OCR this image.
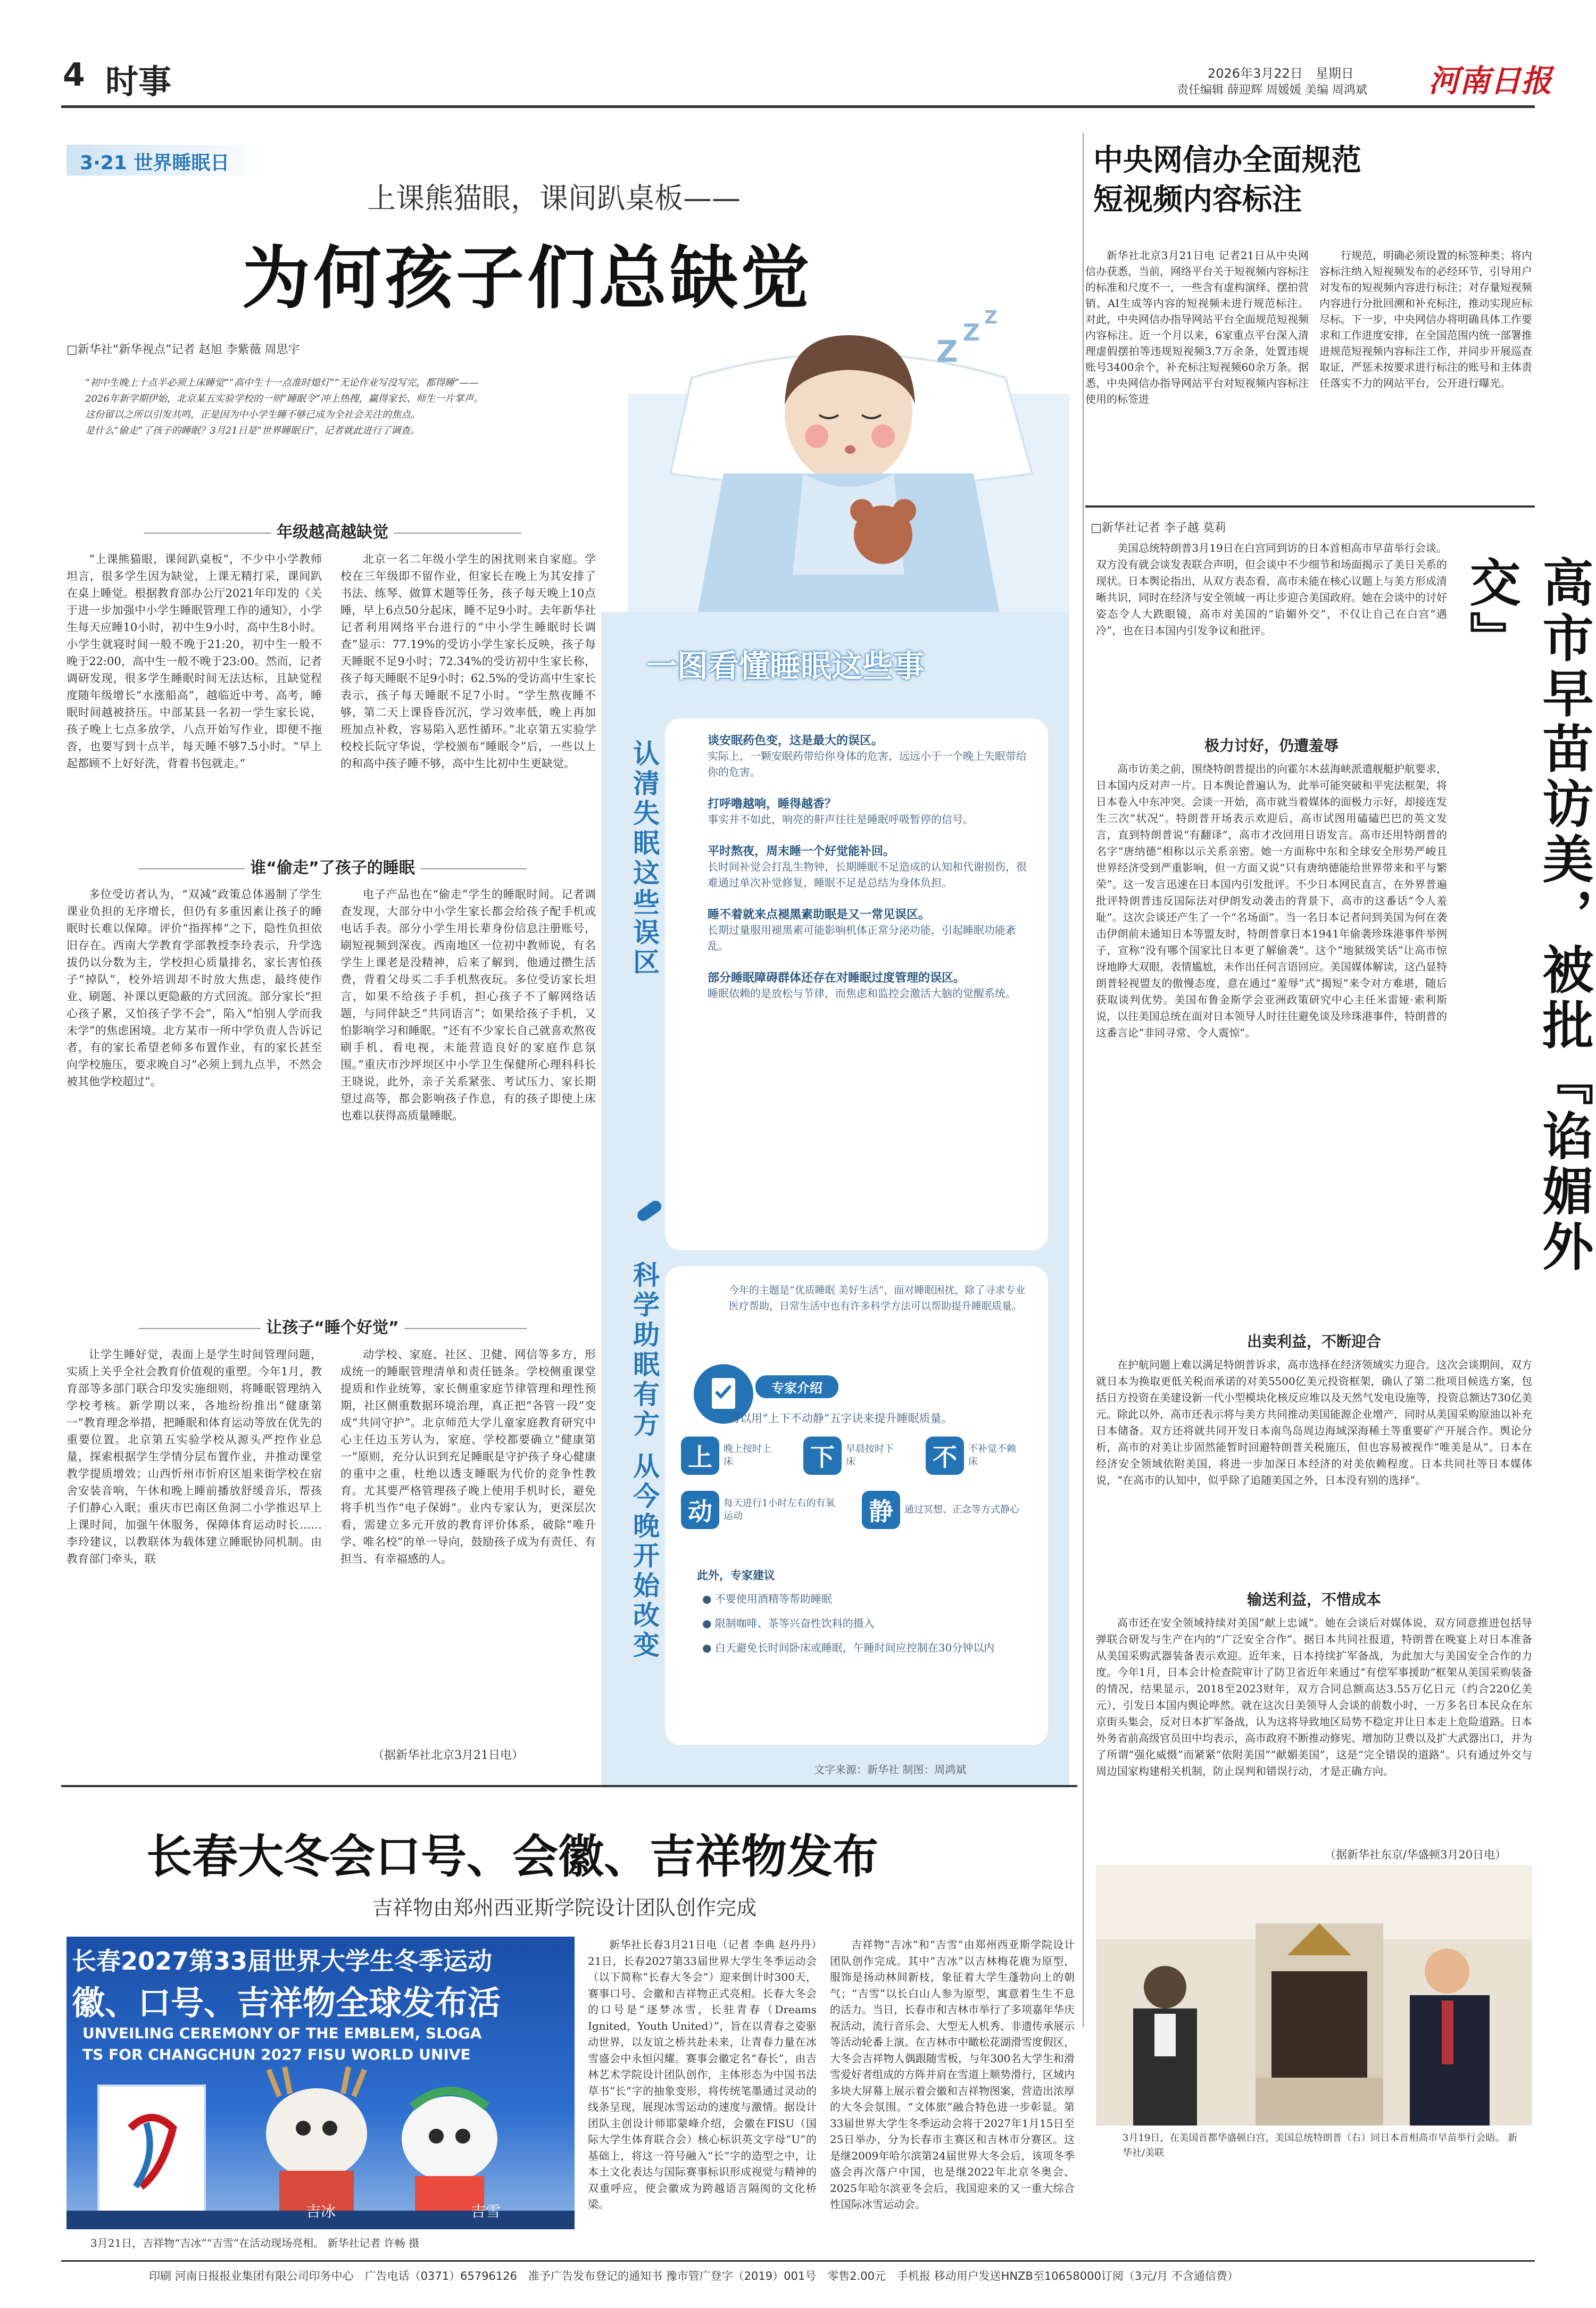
4 时事	2026年3月22日　 星期日
责任编辑 薛迎辉 周媛媛 美编 周鸿斌 河南日报
3·21 世界睡眠日
上课熊猫眼，课间趴桌板——
为何孩子们总缺觉
□新华社“新华视点”记者 赵旭 李紫薇 周思宇
“初中生晚上十点半必须上床睡觉”“高中生十一点准时熄灯”“无论作业写没写完，都得睡”——
2026年新学期伊始，北京某五实验学校的一则“睡眠令”冲上热搜，赢得家长、师生一片掌声。
这份留以之所以引发共鸣，正是因为中小学生睡不够已成为全社会关注的焦点。
是什么“偷走”了孩子的睡眠？3月21日是“世界睡眠日”，记者就此进行了调查。
Z
Z
Z
年级越高越缺觉

“上课熊猫眼，课间趴桌板”，不少中小学教师坦言，很多学生因为缺觉，上课无精打采，课间趴在桌上睡觉。根据教育部办公厅2021年印发的《关于进一步加强中小学生睡眠管理工作的通知》，小学生每天应睡10小时，初中生9小时，高中生8小时。小学生就寝时间一般不晚于21:20，初中生一般不晚于22:00，高中生一般不晚于23:00。然而，记者调研发现，很多学生睡眠时间无法达标，且缺觉程度随年级增长“水涨船高”，越临近中考、高考，睡眠时间越被挤压。中部某县一名初一学生家长说，孩子晚上七点多放学，八点开始写作业，即便不拖沓，也要写到十点半，每天睡不够7.5小时。“早上起都顾不上好好洗，背着书包就走。”

北京一名二年级小学生的困扰则来自家庭。学校在三年级即不留作业，但家长在晚上为其安排了书法、练琴、做算术题等任务，孩子每天晚上10点睡，早上6点50分起床，睡不足9小时。去年新华社记者利用网络平台进行的“中小学生睡眠时长调查”显示：77.19%的受访小学生家长反映，孩子每天睡眠不足9小时；72.34%的受访初中生家长称，孩子每天睡眠不足9小时；62.5%的受访高中生家长表示，孩子每天睡眠不足7小时。“学生熬夜睡不够，第二天上课昏昏沉沉，学习效率低，晚上再加班加点补救，容易陷入恶性循环。”北京第五实验学校校长阮守华说，学校颁布“睡眠令”后，一些以上的和高中孩子睡不够，高中生比初中生更缺觉。

谁“偷走”了孩子的睡眠

多位受访者认为，“双减”政策总体遏制了学生课业负担的无序增长，但仍有多重因素让孩子的睡眠时长难以保障。评价“指挥棒”之下，隐性负担依旧存在。西南大学教育学部教授李玲表示，升学选拔仍以分数为主，学校担心质量排名，家长害怕孩子“掉队”，校外培训却不时放大焦虑，最终使作业、刷题、补课以更隐蔽的方式回流。部分家长“担心孩子累，又怕孩子学不会”，陷入“怕别人学而我未学”的焦虑困境。北方某市一所中学负责人告诉记者，有的家长希望老师多布置作业，有的家长甚至向学校施压，要求晚自习“必须上到九点半，不然会被其他学校超过”。

电子产品也在“偷走”学生的睡眠时间。记者调查发现，大部分中小学生家长都会给孩子配手机或电话手表。部分小学生用长辈身份信息注册账号，刷短视频到深夜。西南地区一位初中教师说，有名学生上课老是没精神，后来了解到，他通过攒生活费，背着父母买二手手机熬夜玩。多位受访家长坦言，如果不给孩子手机，担心孩子不了解网络话题，与同伴缺乏“共同语言”；如果给孩子手机，又怕影响学习和睡眠。“还有不少家长自己就喜欢熬夜刷手机、看电视，未能营造良好的家庭作息氛围。”重庆市沙坪坝区中小学卫生保健所心理科科长王晓说，此外，亲子关系紧张、考试压力、家长期望过高等，都会影响孩子作息，有的孩子即使上床也难以获得高质量睡眠。

让孩子“睡个好觉”

让学生睡好觉，表面上是学生时间管理问题，实质上关乎全社会教育价值观的重塑。今年1月，教育部等多部门联合印发实施细则，将睡眠管理纳入学校考核。新学期以来，各地纷纷推出“健康第一”教育理念举措，把睡眠和体育运动等放在优先的重要位置。北京第五实验学校从源头严控作业总量，探索根据学生学情分层布置作业，并推动课堂教学提质增效；山西忻州市忻府区旭来街学校在宿舍安装音响，午休和晚上睡前播放舒缓音乐，帮孩子们静心入眠；重庆市巴南区鱼洞二小学推迟早上上课时间，加强午休服务，保障体育运动时长……李玲建议，以教联体为载体建立睡眠协同机制。由教育部门牵头，联

动学校、家庭、社区、卫健、网信等多方，形成统一的睡眠管理清单和责任链条。学校侧重课堂提质和作业统筹，家长侧重家庭节律管理和理性预期，社区侧重数据环境治理，真正把“各管一段”变成“共同守护”。北京师范大学儿童家庭教育研究中心主任边玉芳认为，家庭、学校都要确立“健康第一”原则，充分认识到充足睡眠是守护孩子身心健康的重中之重，杜绝以透支睡眠为代价的竞争性教育。尤其要严格管理孩子晚上使用手机时长，避免将手机当作“电子保姆”。业内专家认为，更深层次看，需建立多元开放的教育评价体系，破除“唯升学、唯名校”的单一导向，鼓励孩子成为有责任、有担当、有幸福感的人。

（据新华社北京3月21日电）
一图看懂睡眠这些事
认清失眠这些误区	谈安眠药色变，这是最大的误区。
实际上，一颗安眠药带给你身体的危害，远远小于一个晚上失眠带给你的危害。
打呼噜越响，睡得越香？
事实并不如此，响亮的鼾声往往是睡眠呼吸暂停的信号。
平时熬夜，周末睡一个好觉能补回。
长时间补觉会打乱生物钟，长期睡眠不足造成的认知和代谢损伤，很难通过单次补觉修复，睡眠不足是总结为身体负担。
睡不着就来点褪黑素助眠是又一常见误区。
长期过量服用褪黑素可能影响机体正常分泌功能，引起睡眠功能紊乱。
部分睡眠障碍群体还存在对睡眠过度管理的误区。
睡眠依赖的是放松与节律，而焦虑和监控会激活大脑的觉醒系统。
科学助眠有方 从今晚开始改变	今年的主题是“优质睡眠 美好生活”，面对睡眠困扰，除了寻求专业医疗帮助，日常生活中也有许多科学方法可以帮助提升睡眠质量。
专家介绍
可以用“上下不动静”五字诀来提升睡眠质量。
上	晚上按时上床	下	早晨按时下床	不	不补觉不赖床
动	每天进行1小时左右的有氧运动	静	通过冥想、正念等方式静心
此外，专家建议
● 不要使用酒精等帮助睡眠
● 限制咖啡、茶等兴奋性饮料的摄入
● 白天避免长时间卧床或睡眠，午睡时间应控制在30分钟以内
文字来源：新华社 制图：周鸿斌
中央网信办全面规范
短视频内容标注

新华社北京3月21日电 记者21日从中央网信办获悉，当前，网络平台关于短视频内容标注的标准和尺度不一，一些含有虚构演绎、摆拍营销、AI生成等内容的短视频未进行规范标注。对此，中央网信办指导网站平台全面规范短视频内容标注。近一个月以来，6家重点平台深入清理虚假摆拍等违规短视频3.7万余条，处置违规账号3400余个，补充标注短视频60余万条。据悉，中央网信办指导网站平台对短视频内容标注使用的标签进

行规范，明确必须设置的标签种类；将内容标注纳入短视频发布的必经环节，引导用户对发布的短视频内容进行标注；对存量短视频内容进行分批回溯和补充标注，推动实现应标尽标。下一步，中央网信办将明确具体工作要求和工作进度安排，在全国范围内统一部署推进规范短视频内容标注工作，并同步开展巡查取证，严惩未按要求进行标注的账号和主体责任落实不力的网站平台，公开进行曝光。

□新华社记者 李子越 莫莉
高市早苗访美，被批『谄媚外交』

美国总统特朗普3月19日在白宫同到访的日本首相高市早苗举行会谈。双方没有就会谈发表联合声明，但会谈中不少细节和场面揭示了美日关系的现状。日本舆论指出，从双方表态看，高市未能在核心议题上与美方形成清晰共识，同时在经济与安全领域一再让步迎合美国政府。她在会谈中的讨好姿态令人大跌眼镜，高市对美国的“谄媚外交”，不仅让自己在白宫“遇冷”，也在日本国内引发争议和批评。

极力讨好，仍遭羞辱

高市访美之前，围绕特朗普提出的向霍尔木兹海峡派遣舰艇护航要求，日本国内反对声一片。日本舆论普遍认为，此举可能突破和平宪法框架，将日本卷入中东冲突。会谈一开始，高市就当着媒体的面极力示好，却接连发生三次“状况”。特朗普开场表示欢迎后，高市试图用磕磕巴巴的英文发言，直到特朗普说“有翻译”，高市才改回用日语发言。高市还用特朗普的名字“唐纳德”相称以示关系亲密。她一方面称中东和全球安全形势严峻且世界经济受到严重影响，但一方面又说“只有唐纳德能给世界带来和平与繁荣”。这一发言迅速在日本国内引发批评。不少日本网民直言，在外界普遍批评特朗普违反国际法对伊朗发动袭击的背景下，高市的这番话“令人羞耻”。这次会谈还产生了一个“名场面”。当一名日本记者问到美国为何在袭击伊朗前未通知日本等盟友时，特朗普拿日本1941年偷袭珍珠港事件举例子，宣称“没有哪个国家比日本更了解偷袭”。这个“地狱级笑话”让高市惊讶地睁大双眼，表情尴尬，未作出任何言语回应。美国媒体解读，这凸显特朗普轻视盟友的傲慢态度，意在通过“羞辱”式“揭短”来令对方难堪，随后获取谈判优势。美国布鲁金斯学会亚洲政策研究中心主任米雷娅·索利斯说，以往美国总统在面对日本领导人时往往避免谈及珍珠港事件，特朗普的这番言论“非同寻常、令人震惊”。

出卖利益，不断迎合

在护航问题上难以满足特朗普诉求，高市选择在经济领域实力迎合。这次会谈期间，双方就日本为换取更低关税而承诺的对美5500亿美元投资框架，确认了第二批项目候选方案，包括日方投资在美建设新一代小型模块化核反应堆以及天然气发电设施等，投资总额达730亿美元。除此以外，高市还表示将与美方共同推动美国能源企业增产，同时从美国采购原油以补充日本储备。双方还将就共同开发日本南鸟岛周边海域深海稀土等重要矿产开展合作。舆论分析，高市的对美让步固然能暂时回避特朗普关税施压，但也容易被视作“唯美是从”。日本在经济安全领域依附美国，将进一步加深日本经济的对美依赖程度。日本共同社等日本媒体说，“在高市的认知中，似乎除了追随美国之外，日本没有别的选择”。

输送利益，不惜成本

高市还在安全领域持续对美国“献上忠诚”。她在会谈后对媒体说，双方同意推进包括导弹联合研发与生产在内的“广泛安全合作”。据日本共同社报道，特朗普在晚宴上对日本准备从美国采购武器装备表示欢迎。近年来，日本持续扩军备战，为此加大与美国安全合作的力度。今年1月，日本会计检查院审计了防卫省近年来通过“有偿军事援助”框架从美国采购装备的情况，结果显示，2018至2023财年，双方合同总额高达3.55万亿日元（约合220亿美元），引发日本国内舆论哗然。就在这次日美领导人会谈的前数小时，一万多名日本民众在东京街头集会，反对日本扩军备战，认为这将导致地区局势不稳定并让日本走上危险道路。日本外务省前高级官员田中均表示，高市政府不断推动修宪、增加防卫费以及扩大武器出口，并为了所谓“强化威慑”而紧紧“依附美国”“献媚美国”，这是“完全错误的道路”。只有通过外交与周边国家构建相关机制，防止误判和错误行动，才是正确方向。

（据新华社东京/华盛顿3月20日电）
3月19日，在美国首都华盛顿白宫，美国总统特朗普（右）同日本首相高市早苗举行会晤。 新华社/美联
长春大冬会口号、会徽、吉祥物发布
吉祥物由郑州西亚斯学院设计团队创作完成
长春2027第33届世界大学生冬季运动
徽、口号、吉祥物全球发布活
UNVEILING CEREMONY OF THE EMBLEM, SLOGA
TS FOR CHANGCHUN 2027 FISU WORLD UNIVE
吉冰	吉雪
3月21日，吉祥物“吉冰”“吉雪”在活动现场亮相。 新华社记者 许畅 摄

新华社长春3月21日电（记者 李典 赵丹丹）21日，长春2027第33届世界大学生冬季运动会（以下简称“长春大冬会”）迎来倒计时300天，赛事口号、会徽和吉祥物正式亮相。长春大冬会的口号是“逐梦冰雪，长驻青春（Dreams Ignited，Youth United）”，旨在以青春之姿驱动世界，以友谊之桥共赴未来，让青春力量在冰雪盛会中永恒闪耀。赛事会徽定名“春长”，由吉林艺术学院设计团队创作，主体形态为中国书法草书“长”字的抽象变形，将传统笔墨通过灵动的线条呈现，展现冰雪运动的速度与激情。据设计团队主创设计师耶蒙峰介绍，会徽在FISU（国际大学生体育联合会）核心标识英文字母“U”的基础上，将这一符号融入“长”字的造型之中，让本土文化表达与国际赛事标识形成视觉与精神的双重呼应，使会徽成为跨越语言隔阂的文化桥梁。

吉祥物“吉冰”和“吉雪”由郑州西亚斯学院设计团队创作完成。其中“吉冰”以吉林梅花鹿为原型，服饰是扬动林间新枝，象征着大学生蓬勃向上的朝气；“吉雪”以长白山人参为原型，寓意着生生不息的活力。当日，长春市和吉林市举行了多项嘉年华庆祝活动，流行音乐会、大型无人机秀、非遗传承展示等活动轮番上演。在吉林市中瞰松花湖滑雪度假区，大冬会吉祥物人偶跟随雪板，与年300名大学生和滑雪爱好者组成的方阵并肩在雪道上顺势滑行，区域内多块大屏幕上展示着会徽和吉祥物图案，营造出浓厚的大冬会氛围。“文体旅”融合特色进一步彰显。第33届世界大学生冬季运动会将于2027年1月15日至25日举办，分为长春市主赛区和吉林市分赛区。这是继2009年哈尔滨第24届世界大冬会后，该项冬季盛会再次落户中国，也是继2022年北京冬奥会、2025年哈尔滨亚冬会后，我国迎来的又一重大综合性国际冰雪运动会。

印刷 河南日报报业集团有限公司印务中心　广告电话（0371）65796126　准予广告发布登记的通知书 豫市管广登字（2019）001号　零售2.00元　手机报 移动用户发送HNZB至10658000订阅（3元/月 不含通信费）
